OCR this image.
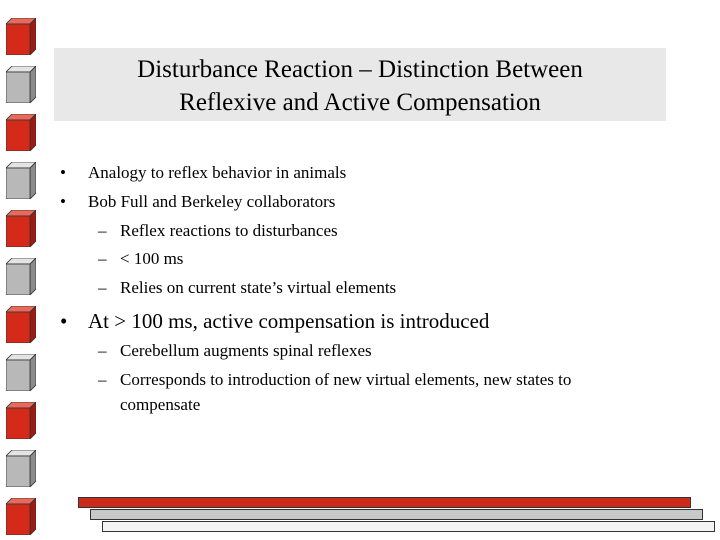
Disturbance Reaction – Distinction Between
Reflexive and Active Compensation
• Analogy to reflex behavior in animals
• Bob Full and Berkeley collaborators
– Reflex reactions to disturbances
– < 100 ms
– Relies on current state’s virtual elements
• At > 100 ms, active compensation is introduced
– Cerebellum augments spinal reflexes
– Corresponds to introduction of new virtual elements, new states to
compensate
